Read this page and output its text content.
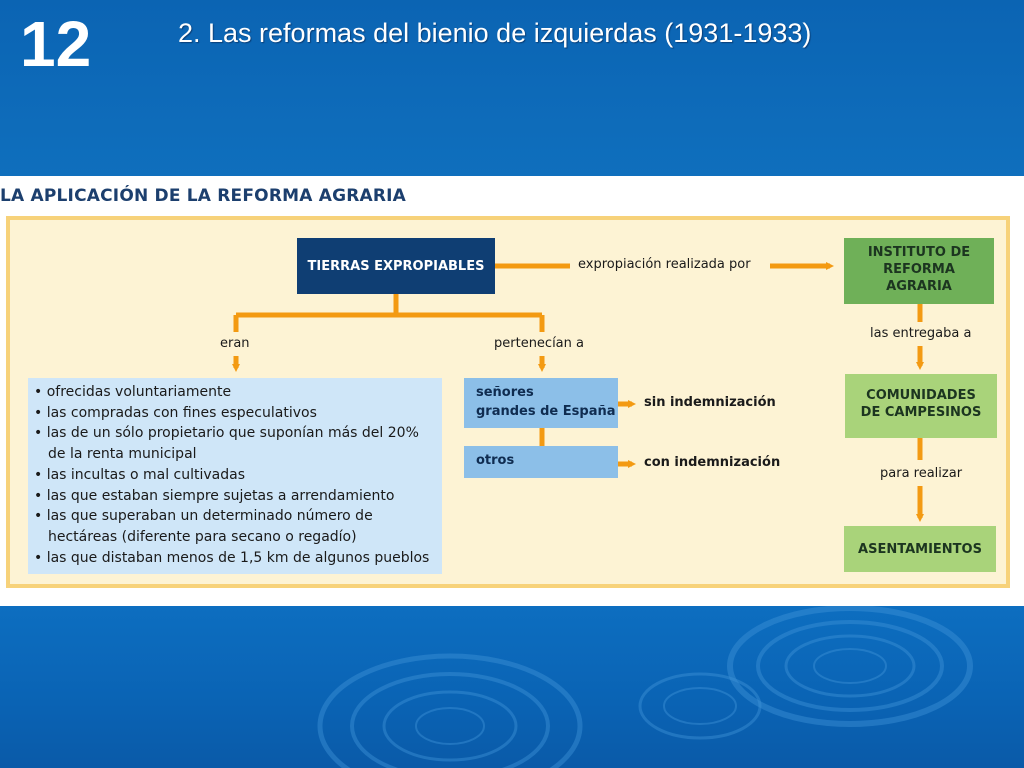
12	2. Las reformas del bienio de izquierdas (1931-1933)
LA APLICACIÓN DE LA REFORMA AGRARIA
TIERRAS EXPROPIABLES
INSTITUTO DE
REFORMA
AGRARIA
COMUNIDADES
DE CAMPESINOS
ASENTAMIENTOS
• ofrecidas voluntariamente
• las compradas con fines especulativos
• las de un sólo propietario que suponían más del 20%
de la renta municipal
• las incultas o mal cultivadas
• las que estaban siempre sujetas a arrendamiento
• las que superaban un determinado número de
hectáreas (diferente para secano o regadío)
• las que distaban menos de 1,5 km de algunos pueblos
señores
grandes de España
otros
expropiación realizada por
eran	pertenecían a
las entregaba a
para realizar
sin indemnización
con indemnización
